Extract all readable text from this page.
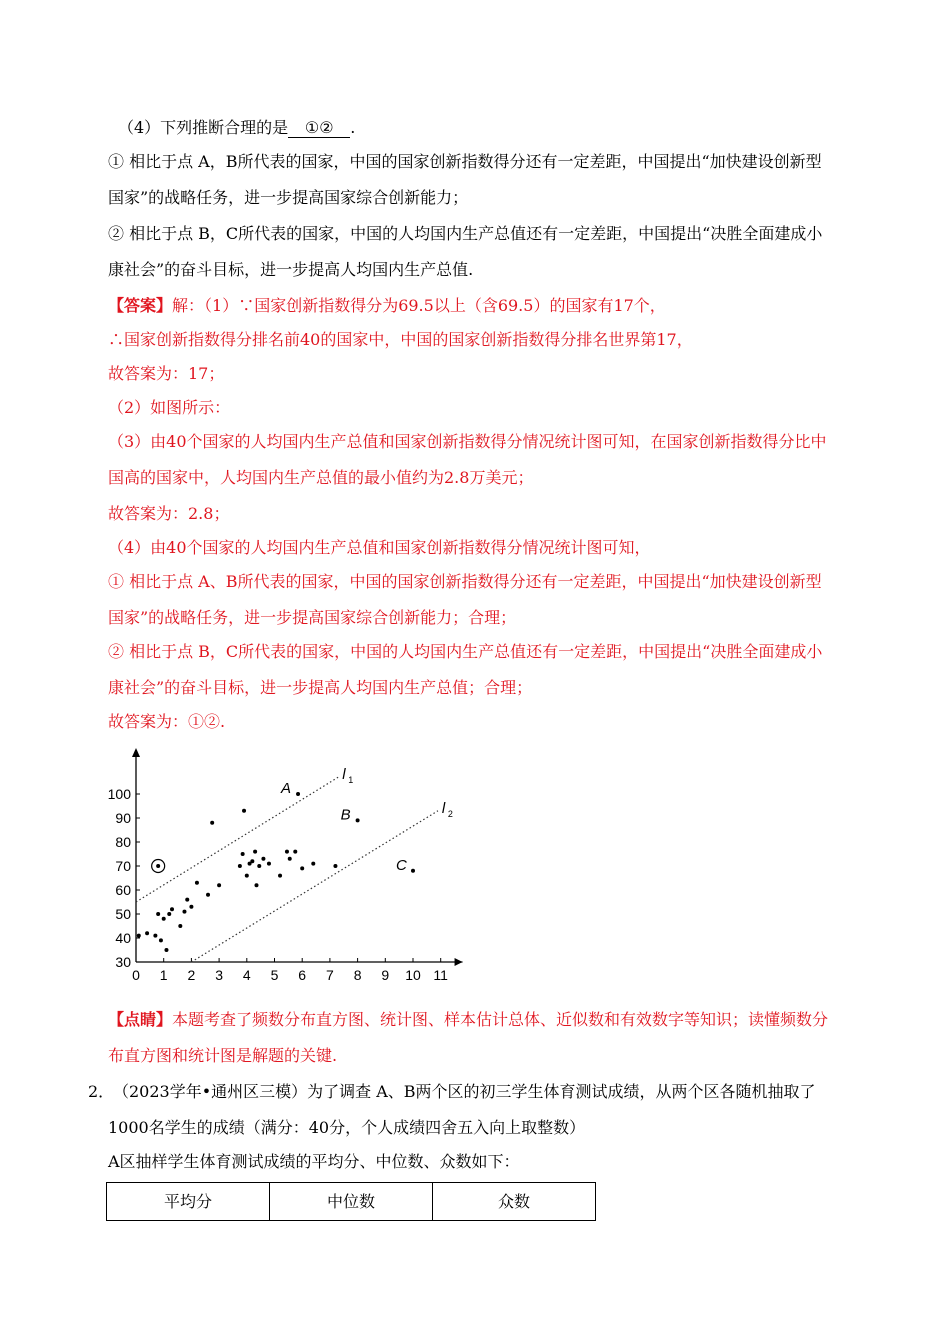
（4）下列推断合理的是 ①② .
① 相比于点 A，B所代表的国家，中国的国家创新指数得分还有一定差距，中国提出“加快建设创新型
国家”的战略任务，进一步提高国家综合创新能力；
② 相比于点 B，C所代表的国家，中国的人均国内生产总值还有一定差距，中国提出“决胜全面建成小
康社会”的奋斗目标，进一步提高人均国内生产总值.
【答案】解：（1）∵国家创新指数得分为69.5以上（含69.5）的国家有17个，
∴国家创新指数得分排名前40的国家中，中国的国家创新指数得分排名世界第17，
故答案为：17；
（2）如图所示：
（3）由40个国家的人均国内生产总值和国家创新指数得分情况统计图可知，在国家创新指数得分比中
国高的国家中，人均国内生产总值的最小值约为2.8万美元；
故答案为：2.8；
（4）由40个国家的人均国内生产总值和国家创新指数得分情况统计图可知，
① 相比于点 A、B所代表的国家，中国的国家创新指数得分还有一定差距，中国提出“加快建设创新型
国家”的战略任务，进一步提高国家综合创新能力；合理；
② 相比于点 B，C所代表的国家，中国的人均国内生产总值还有一定差距，中国提出“决胜全面建成小
康社会”的奋斗目标，进一步提高人均国内生产总值；合理；
故答案为：①②.
0 1 2 3 4 5 6 7 8 9 10 11
30
40
50
60
70
80
90
100
l 1
l 2
A
B
C
【点睛】本题考查了频数分布直方图、统计图、样本估计总体、近似数和有效数字等知识；读懂频数分
布直方图和统计图是解题的关键.
2．
（2023学年•通州区三模）为了调查 A、B两个区的初三学生体育测试成绩，从两个区各随机抽取了
1000名学生的成绩（满分：40分，个人成绩四舍五入向上取整数）
A区抽样学生体育测试成绩的平均分、中位数、众数如下：
平均分	中位数	众数
